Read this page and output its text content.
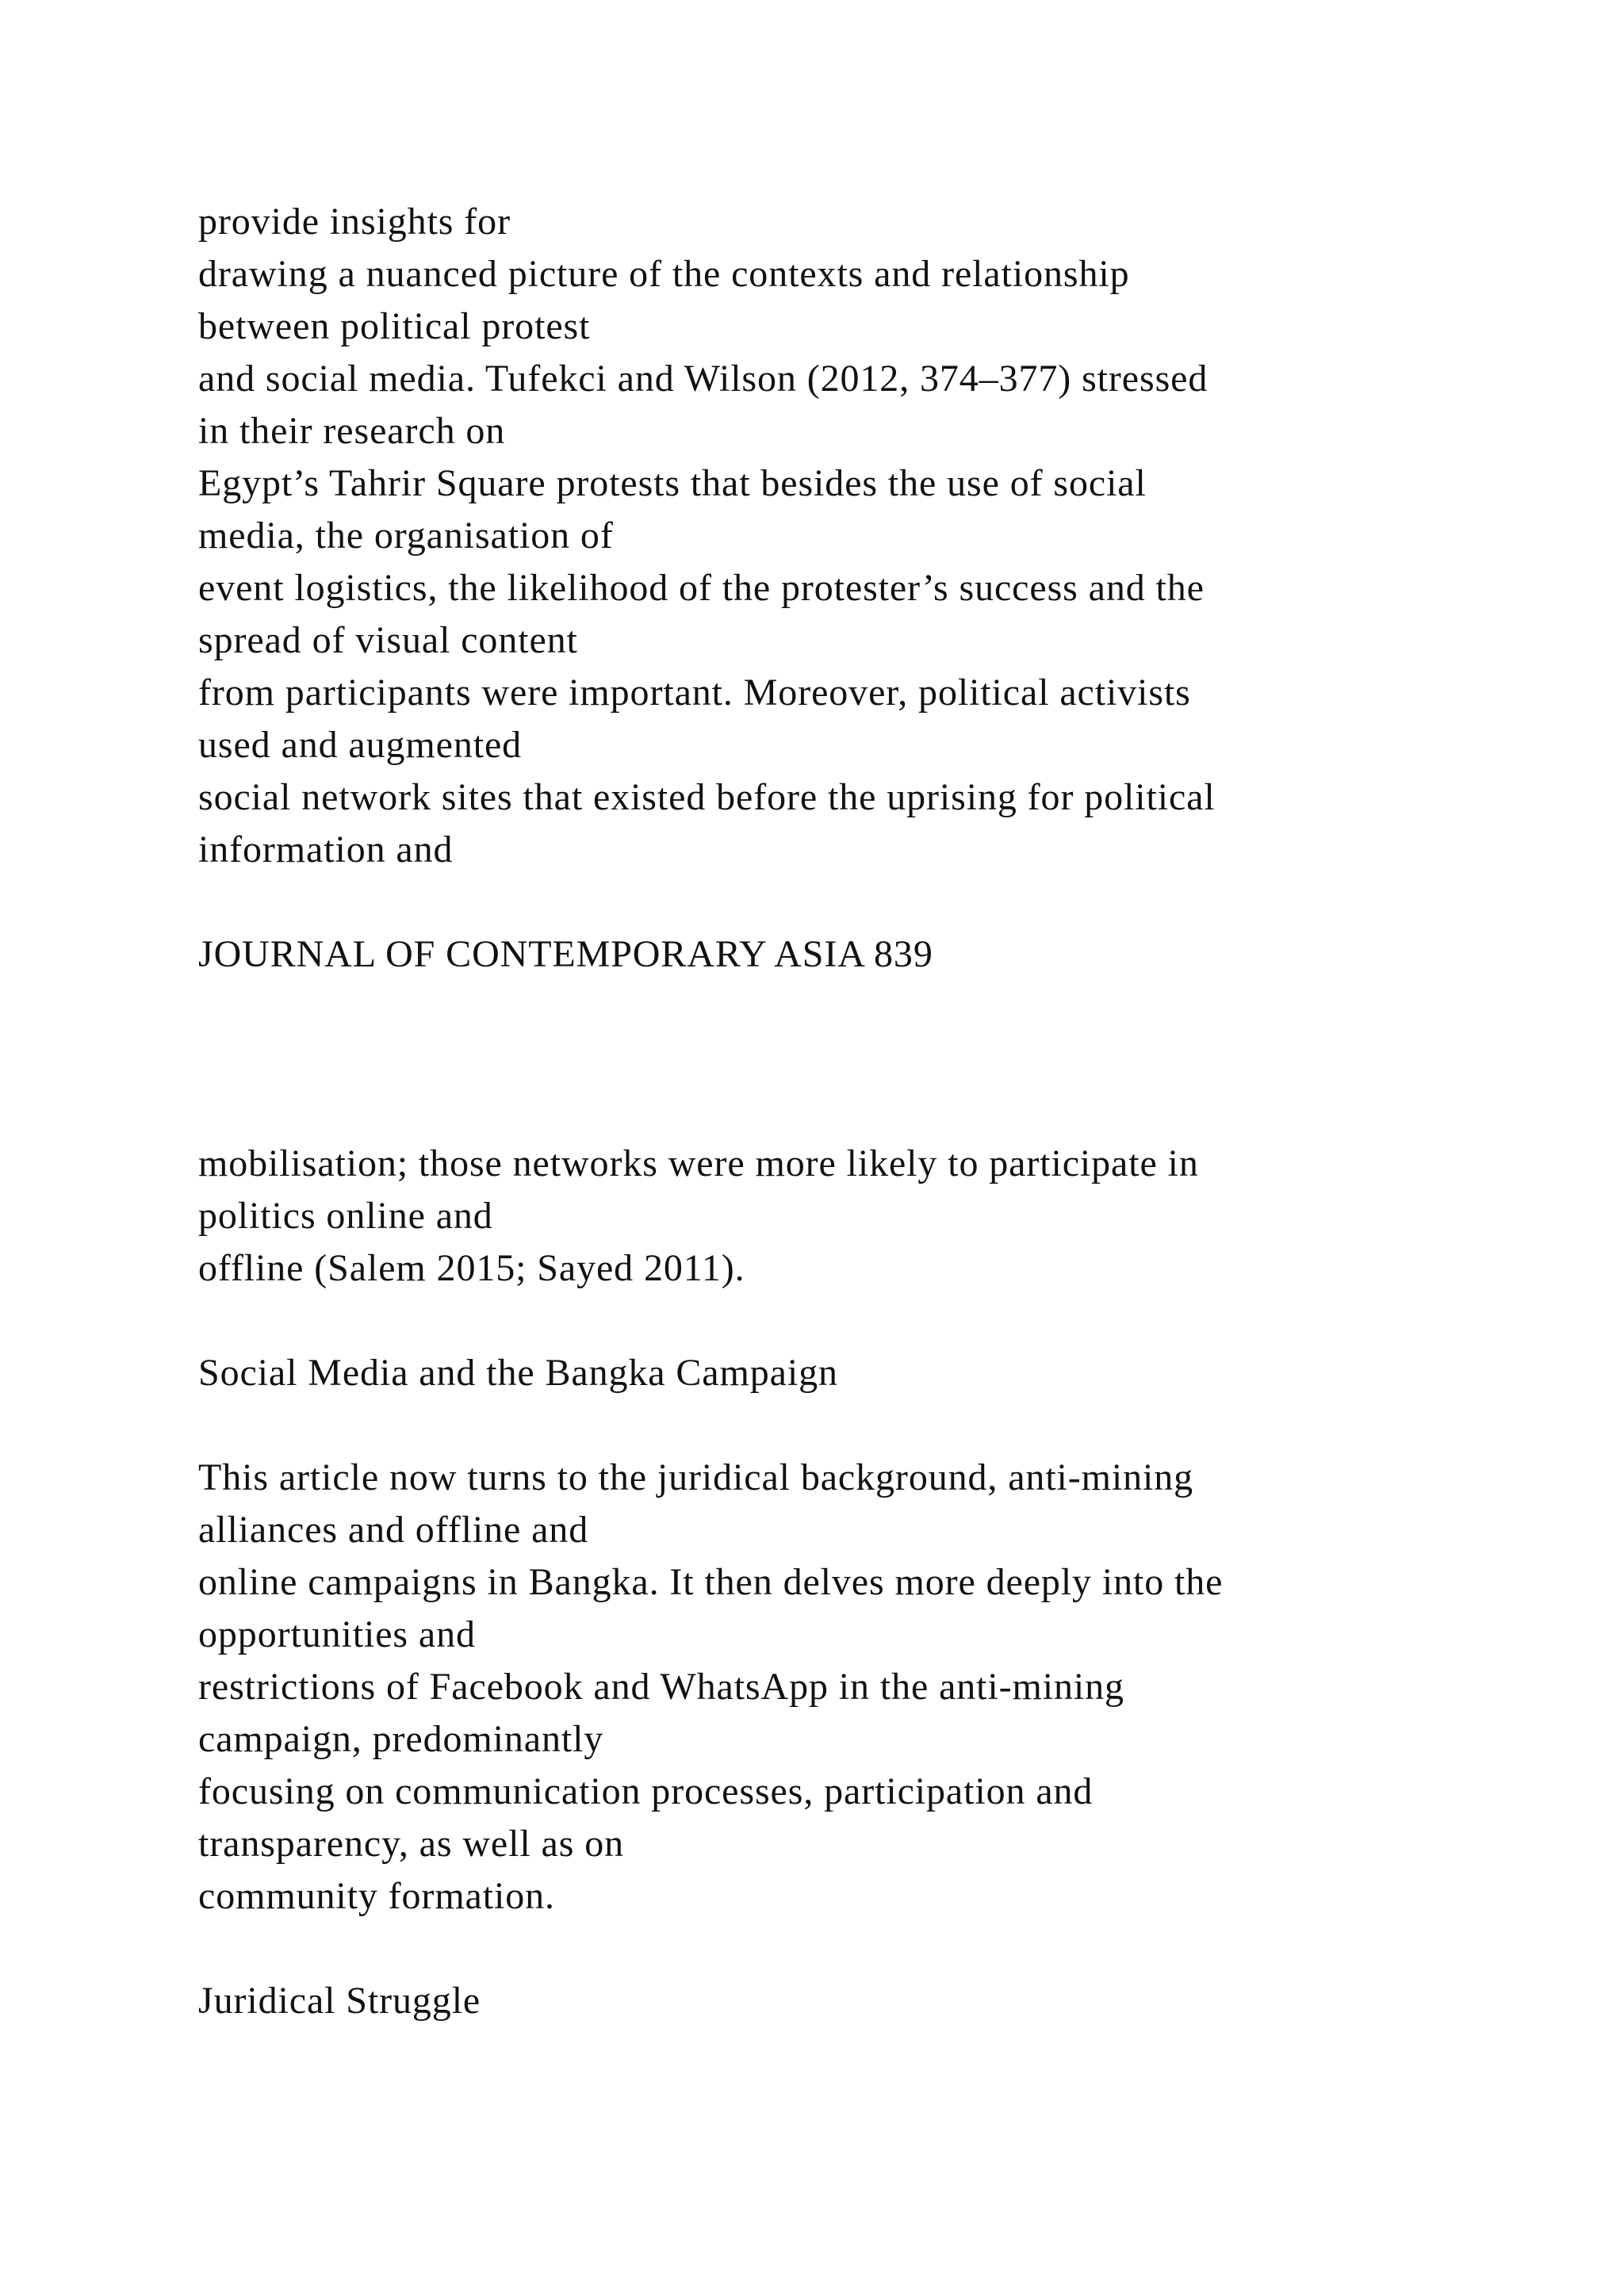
provide insights for

drawing a nuanced picture of the contexts and relationship

between political protest

and social media. Tufekci and Wilson (2012, 374–377) stressed

in their research on

Egypt’s Tahrir Square protests that besides the use of social

media, the organisation of

event logistics, the likelihood of the protester’s success and the

spread of visual content

from participants were important. Moreover, political activists

used and augmented

social network sites that existed before the uprising for political

information and

JOURNAL OF CONTEMPORARY ASIA 839

mobilisation; those networks were more likely to participate in

politics online and

offline (Salem 2015; Sayed 2011).

Social Media and the Bangka Campaign

This article now turns to the juridical background, anti-mining

alliances and offline and

online campaigns in Bangka. It then delves more deeply into the

opportunities and

restrictions of Facebook and WhatsApp in the anti-mining

campaign, predominantly

focusing on communication processes, participation and

transparency, as well as on

community formation.

Juridical Struggle
